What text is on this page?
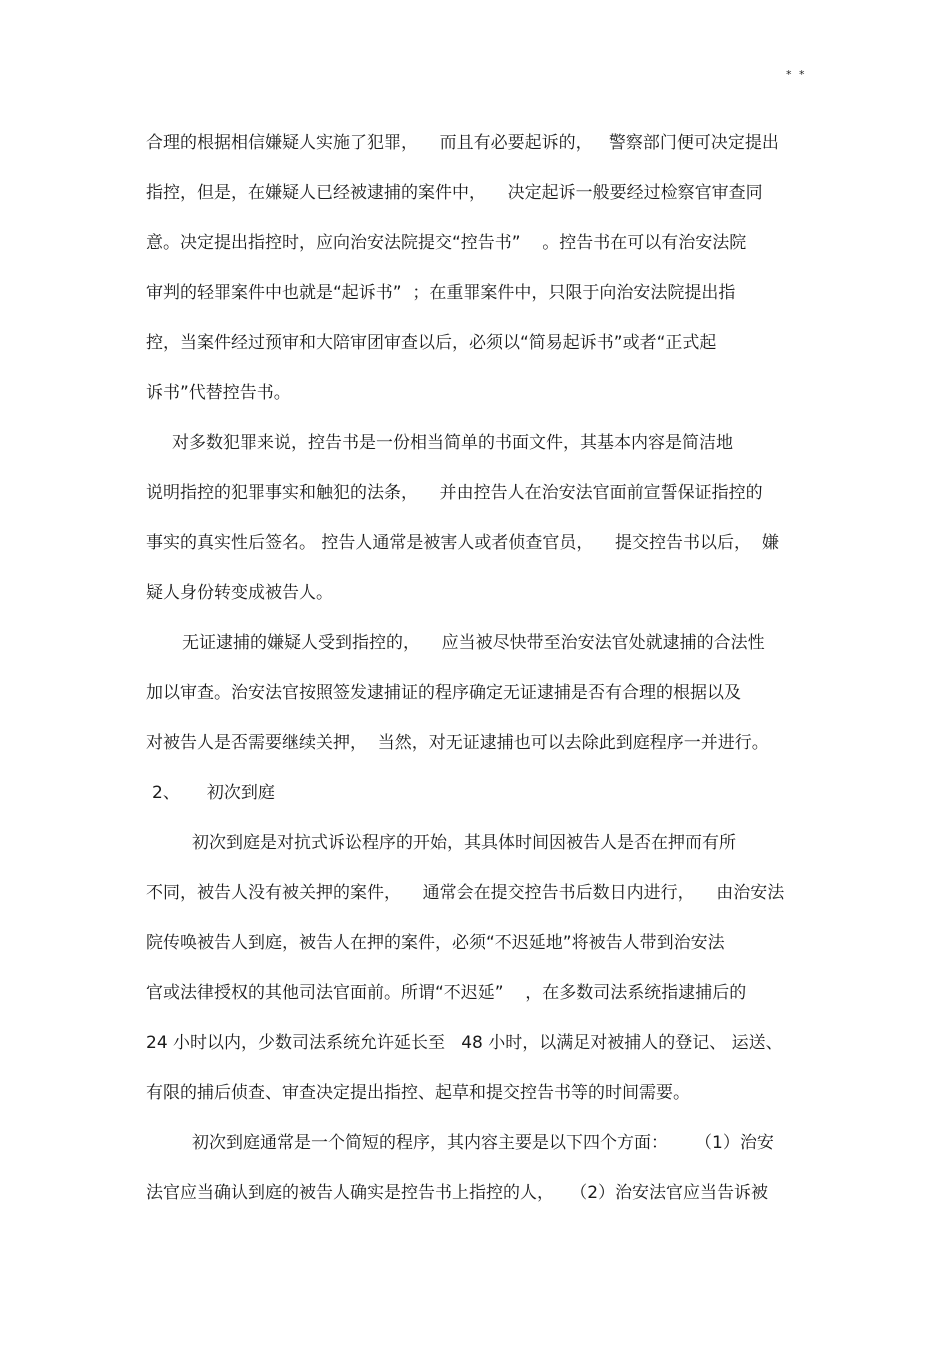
* *
合理的根据相信嫌疑人实施了犯罪，    而且有必要起诉的，   警察部门便可决定提出
指控，但是，在嫌疑人已经被逮捕的案件中，    决定起诉一般要经过检察官审查同
意。决定提出指控时，应向治安法院提交“控告书”    。控告书在可以有治安法院
审判的轻罪案件中也就是“起诉书”  ；在重罪案件中，只限于向治安法院提出指
控，当案件经过预审和大陪审团审查以后，必须以“简易起诉书”或者“正式起
诉书”代替控告书。
对多数犯罪来说，控告书是一份相当简单的书面文件，其基本内容是简洁地
说明指控的犯罪事实和触犯的法条，    并由控告人在治安法官面前宣誓保证指控的
事实的真实性后签名。 控告人通常是被害人或者侦查官员，    提交控告书以后，  嫌
疑人身份转变成被告人。
无证逮捕的嫌疑人受到指控的，    应当被尽快带至治安法官处就逮捕的合法性
加以审查。治安法官按照签发逮捕证的程序确定无证逮捕是否有合理的根据以及
对被告人是否需要继续关押，  当然，对无证逮捕也可以去除此到庭程序一并进行。
2、     初次到庭
初次到庭是对抗式诉讼程序的开始，其具体时间因被告人是否在押而有所
不同，被告人没有被关押的案件，    通常会在提交控告书后数日内进行，    由治安法
院传唤被告人到庭，被告人在押的案件，必须“不迟延地”将被告人带到治安法
官或法律授权的其他司法官面前。所谓“不迟延”    ，在多数司法系统指逮捕后的
24 小时以内，少数司法系统允许延长至   48 小时，以满足对被捕人的登记、 运送、
有限的捕后侦查、审查决定提出指控、起草和提交控告书等的时间需要。
初次到庭通常是一个简短的程序，其内容主要是以下四个方面：     （1）治安
法官应当确认到庭的被告人确实是控告书上指控的人，   （2）治安法官应当告诉被
